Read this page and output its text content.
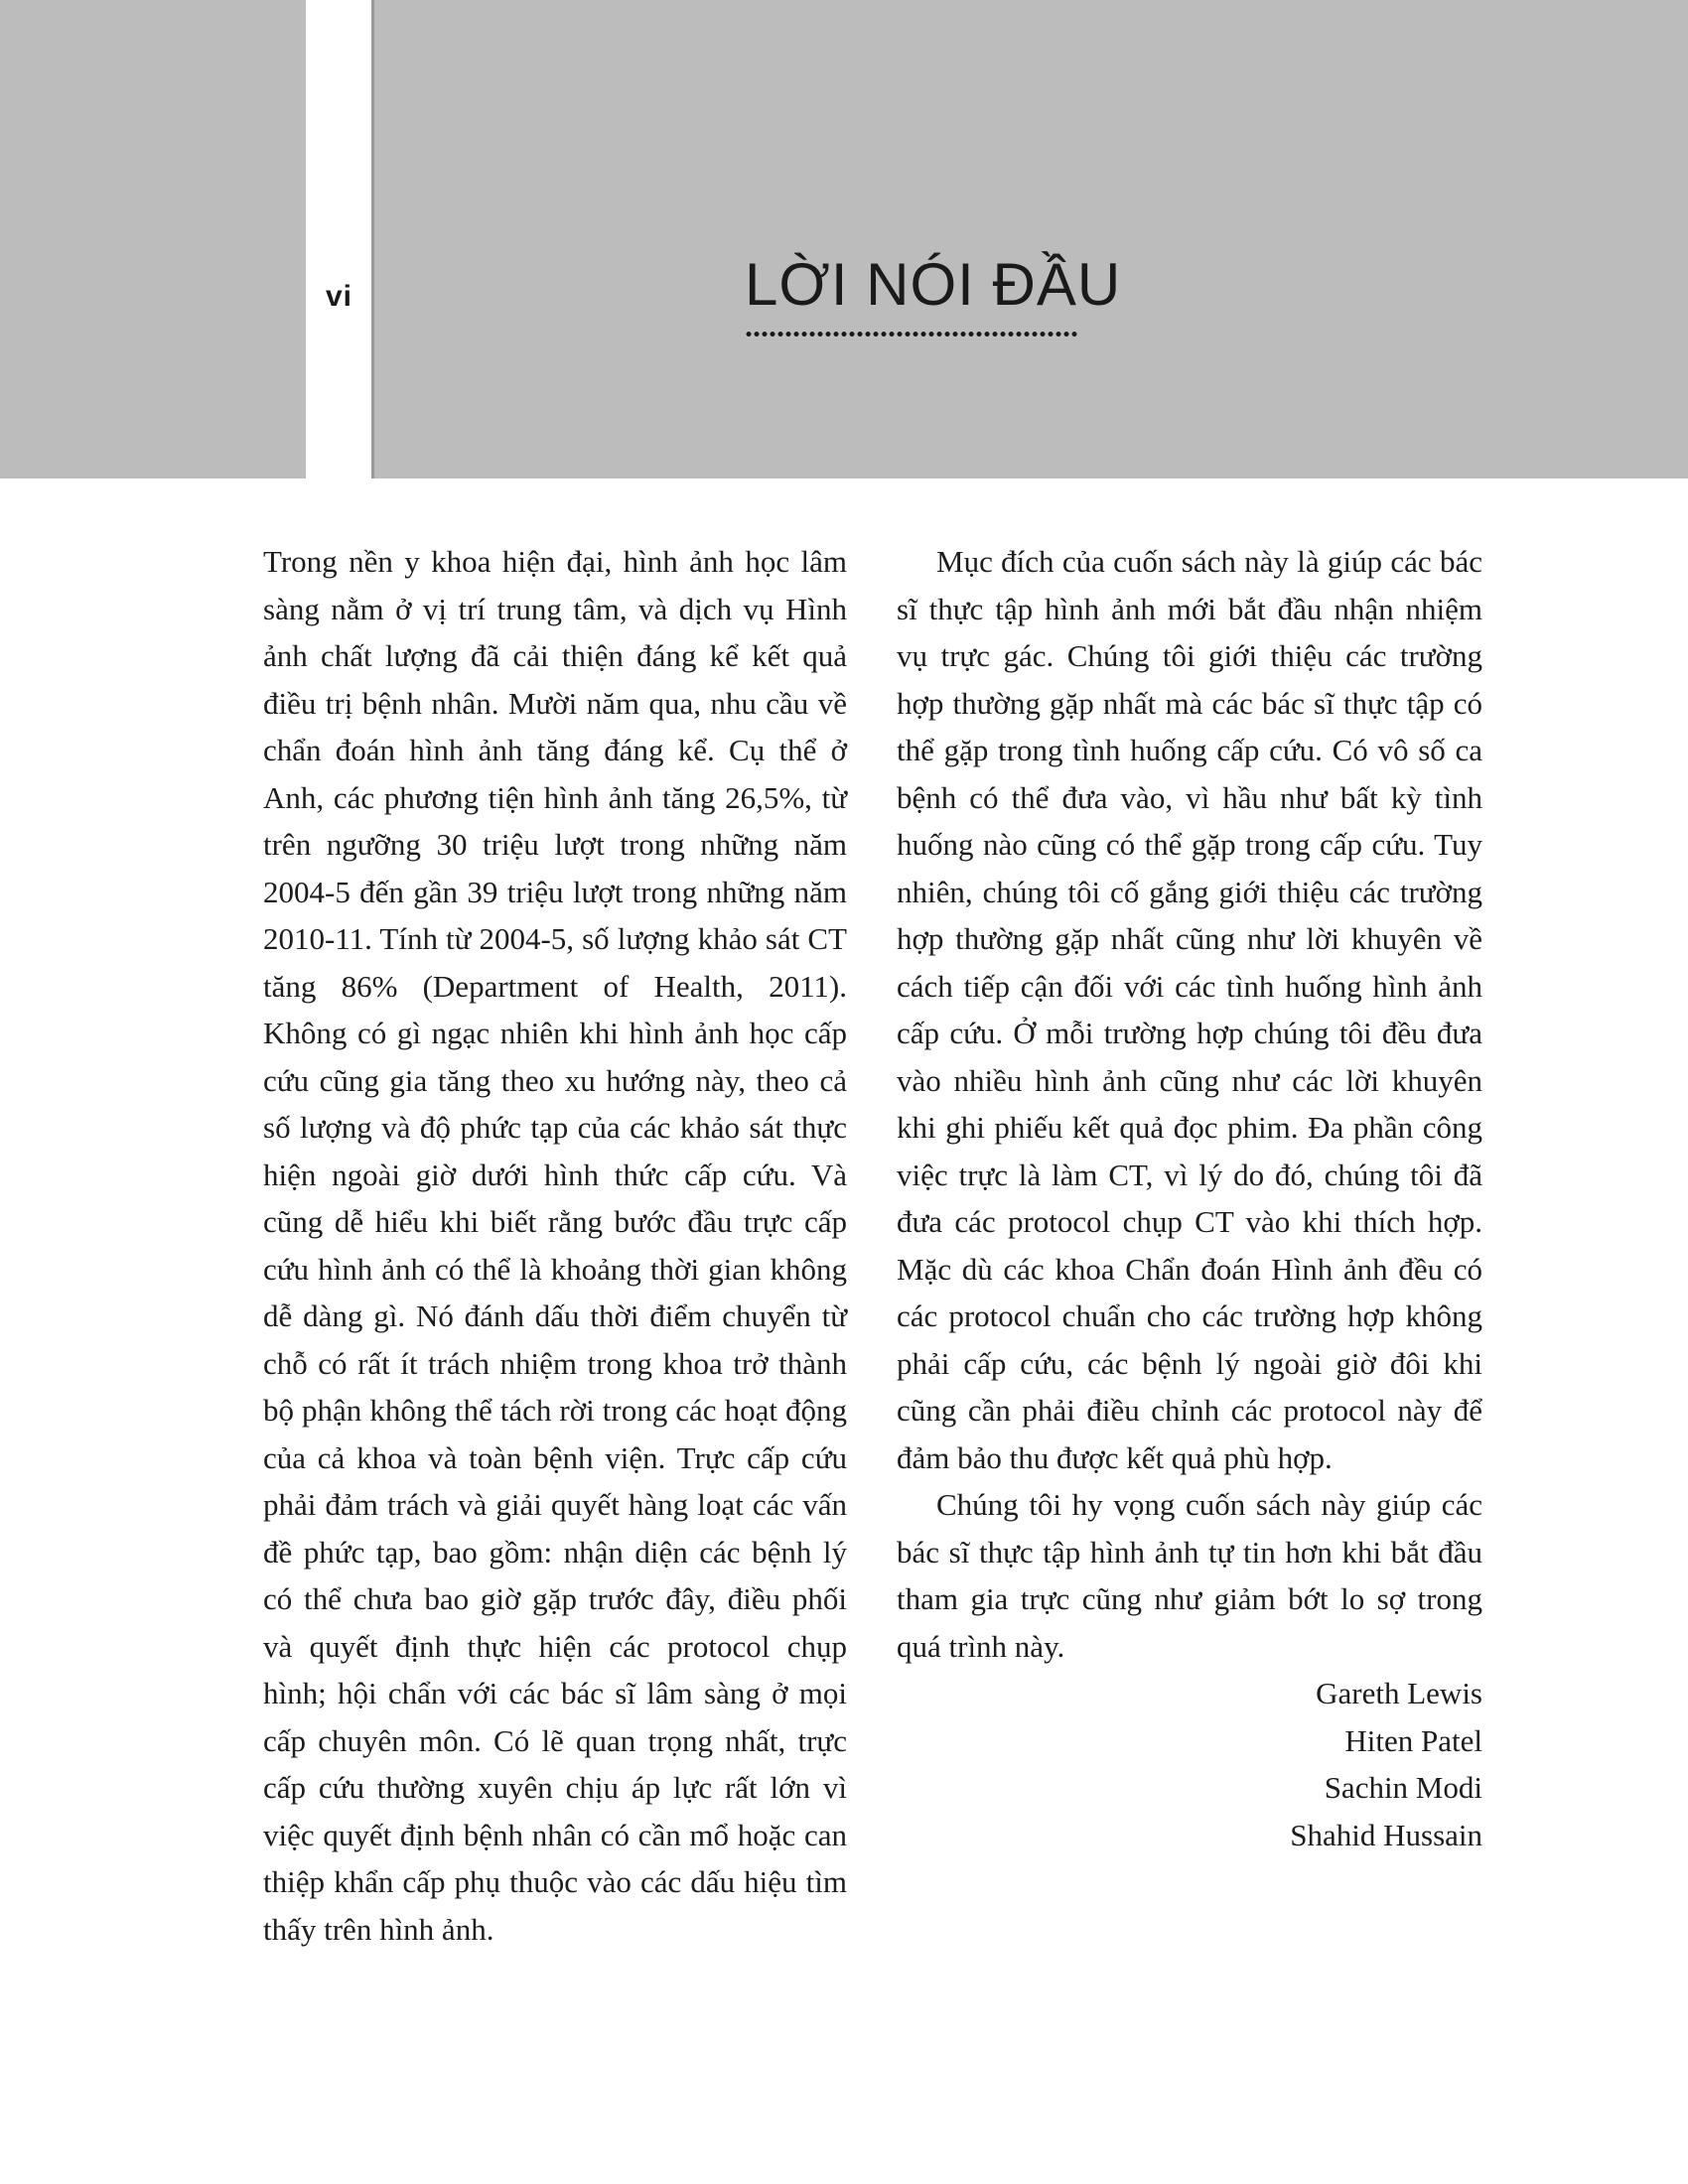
vi	LỜI NÓI ĐẦU

Trong nền y khoa hiện đại, hình ảnh học lâm sàng nằm ở vị trí trung tâm, và dịch vụ Hình ảnh chất lượng đã cải thiện đáng kể kết quả điều trị bệnh nhân. Mười năm qua, nhu cầu về chẩn đoán hình ảnh tăng đáng kể. Cụ thể ở Anh, các phương tiện hình ảnh tăng 26,5%, từ trên ngưỡng 30 triệu lượt trong những năm 2004-5 đến gần 39 triệu lượt trong những năm 2010-11. Tính từ 2004-5, số lượng khảo sát CT tăng 86% (Department of Health, 2011). Không có gì ngạc nhiên khi hình ảnh học cấp cứu cũng gia tăng theo xu hướng này, theo cả số lượng và độ phức tạp của các khảo sát thực hiện ngoài giờ dưới hình thức cấp cứu. Và cũng dễ hiểu khi biết rằng bước đầu trực cấp cứu hình ảnh có thể là khoảng thời gian không dễ dàng gì. Nó đánh dấu thời điểm chuyển từ chỗ có rất ít trách nhiệm trong khoa trở thành bộ phận không thể tách rời trong các hoạt động của cả khoa và toàn bệnh viện. Trực cấp cứu phải đảm trách và giải quyết hàng loạt các vấn đề phức tạp, bao gồm: nhận diện các bệnh lý có thể chưa bao giờ gặp trước đây, điều phối và quyết định thực hiện các protocol chụp hình; hội chẩn với các bác sĩ lâm sàng ở mọi cấp chuyên môn. Có lẽ quan trọng nhất, trực cấp cứu thường xuyên chịu áp lực rất lớn vì việc quyết định bệnh nhân có cần mổ hoặc can thiệp khẩn cấp phụ thuộc vào các dấu hiệu tìm thấy trên hình ảnh.

Mục đích của cuốn sách này là giúp các bác sĩ thực tập hình ảnh mới bắt đầu nhận nhiệm vụ trực gác. Chúng tôi giới thiệu các trường hợp thường gặp nhất mà các bác sĩ thực tập có thể gặp trong tình huống cấp cứu. Có vô số ca bệnh có thể đưa vào, vì hầu như bất kỳ tình huống nào cũng có thể gặp trong cấp cứu. Tuy nhiên, chúng tôi cố gắng giới thiệu các trường hợp thường gặp nhất cũng như lời khuyên về cách tiếp cận đối với các tình huống hình ảnh cấp cứu. Ở mỗi trường hợp chúng tôi đều đưa vào nhiều hình ảnh cũng như các lời khuyên khi ghi phiếu kết quả đọc phim. Đa phần công việc trực là làm CT, vì lý do đó, chúng tôi đã đưa các protocol chụp CT vào khi thích hợp. Mặc dù các khoa Chẩn đoán Hình ảnh đều có các protocol chuẩn cho các trường hợp không phải cấp cứu, các bệnh lý ngoài giờ đôi khi cũng cần phải điều chỉnh các protocol này để đảm bảo thu được kết quả phù hợp.

Chúng tôi hy vọng cuốn sách này giúp các bác sĩ thực tập hình ảnh tự tin hơn khi bắt đầu tham gia trực cũng như giảm bớt lo sợ trong quá trình này.

Gareth Lewis
Hiten Patel
Sachin Modi
Shahid Hussain
